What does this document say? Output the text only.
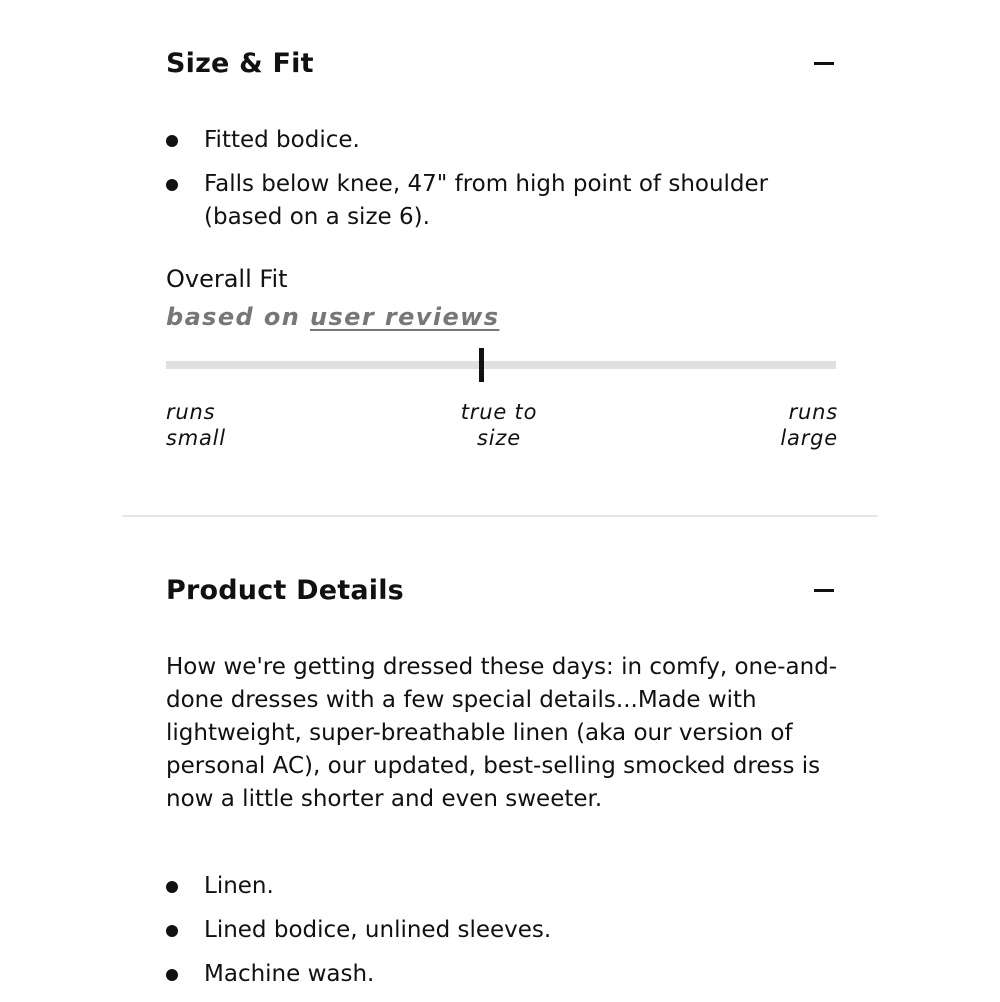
Size & Fit
Fitted bodice.
Falls below knee, 47" from high point of shoulder (based on a size 6).
Overall Fit
based on user reviews
runs
small
true to
size
runs
large
Product Details

How we're getting dressed these days: in comfy, one-and-done dresses with a few special details...Made with lightweight, super-breathable linen (aka our version of personal AC), our updated, best-selling smocked dress is now a little shorter and even sweeter.

Linen.
Lined bodice, unlined sleeves.
Machine wash.
